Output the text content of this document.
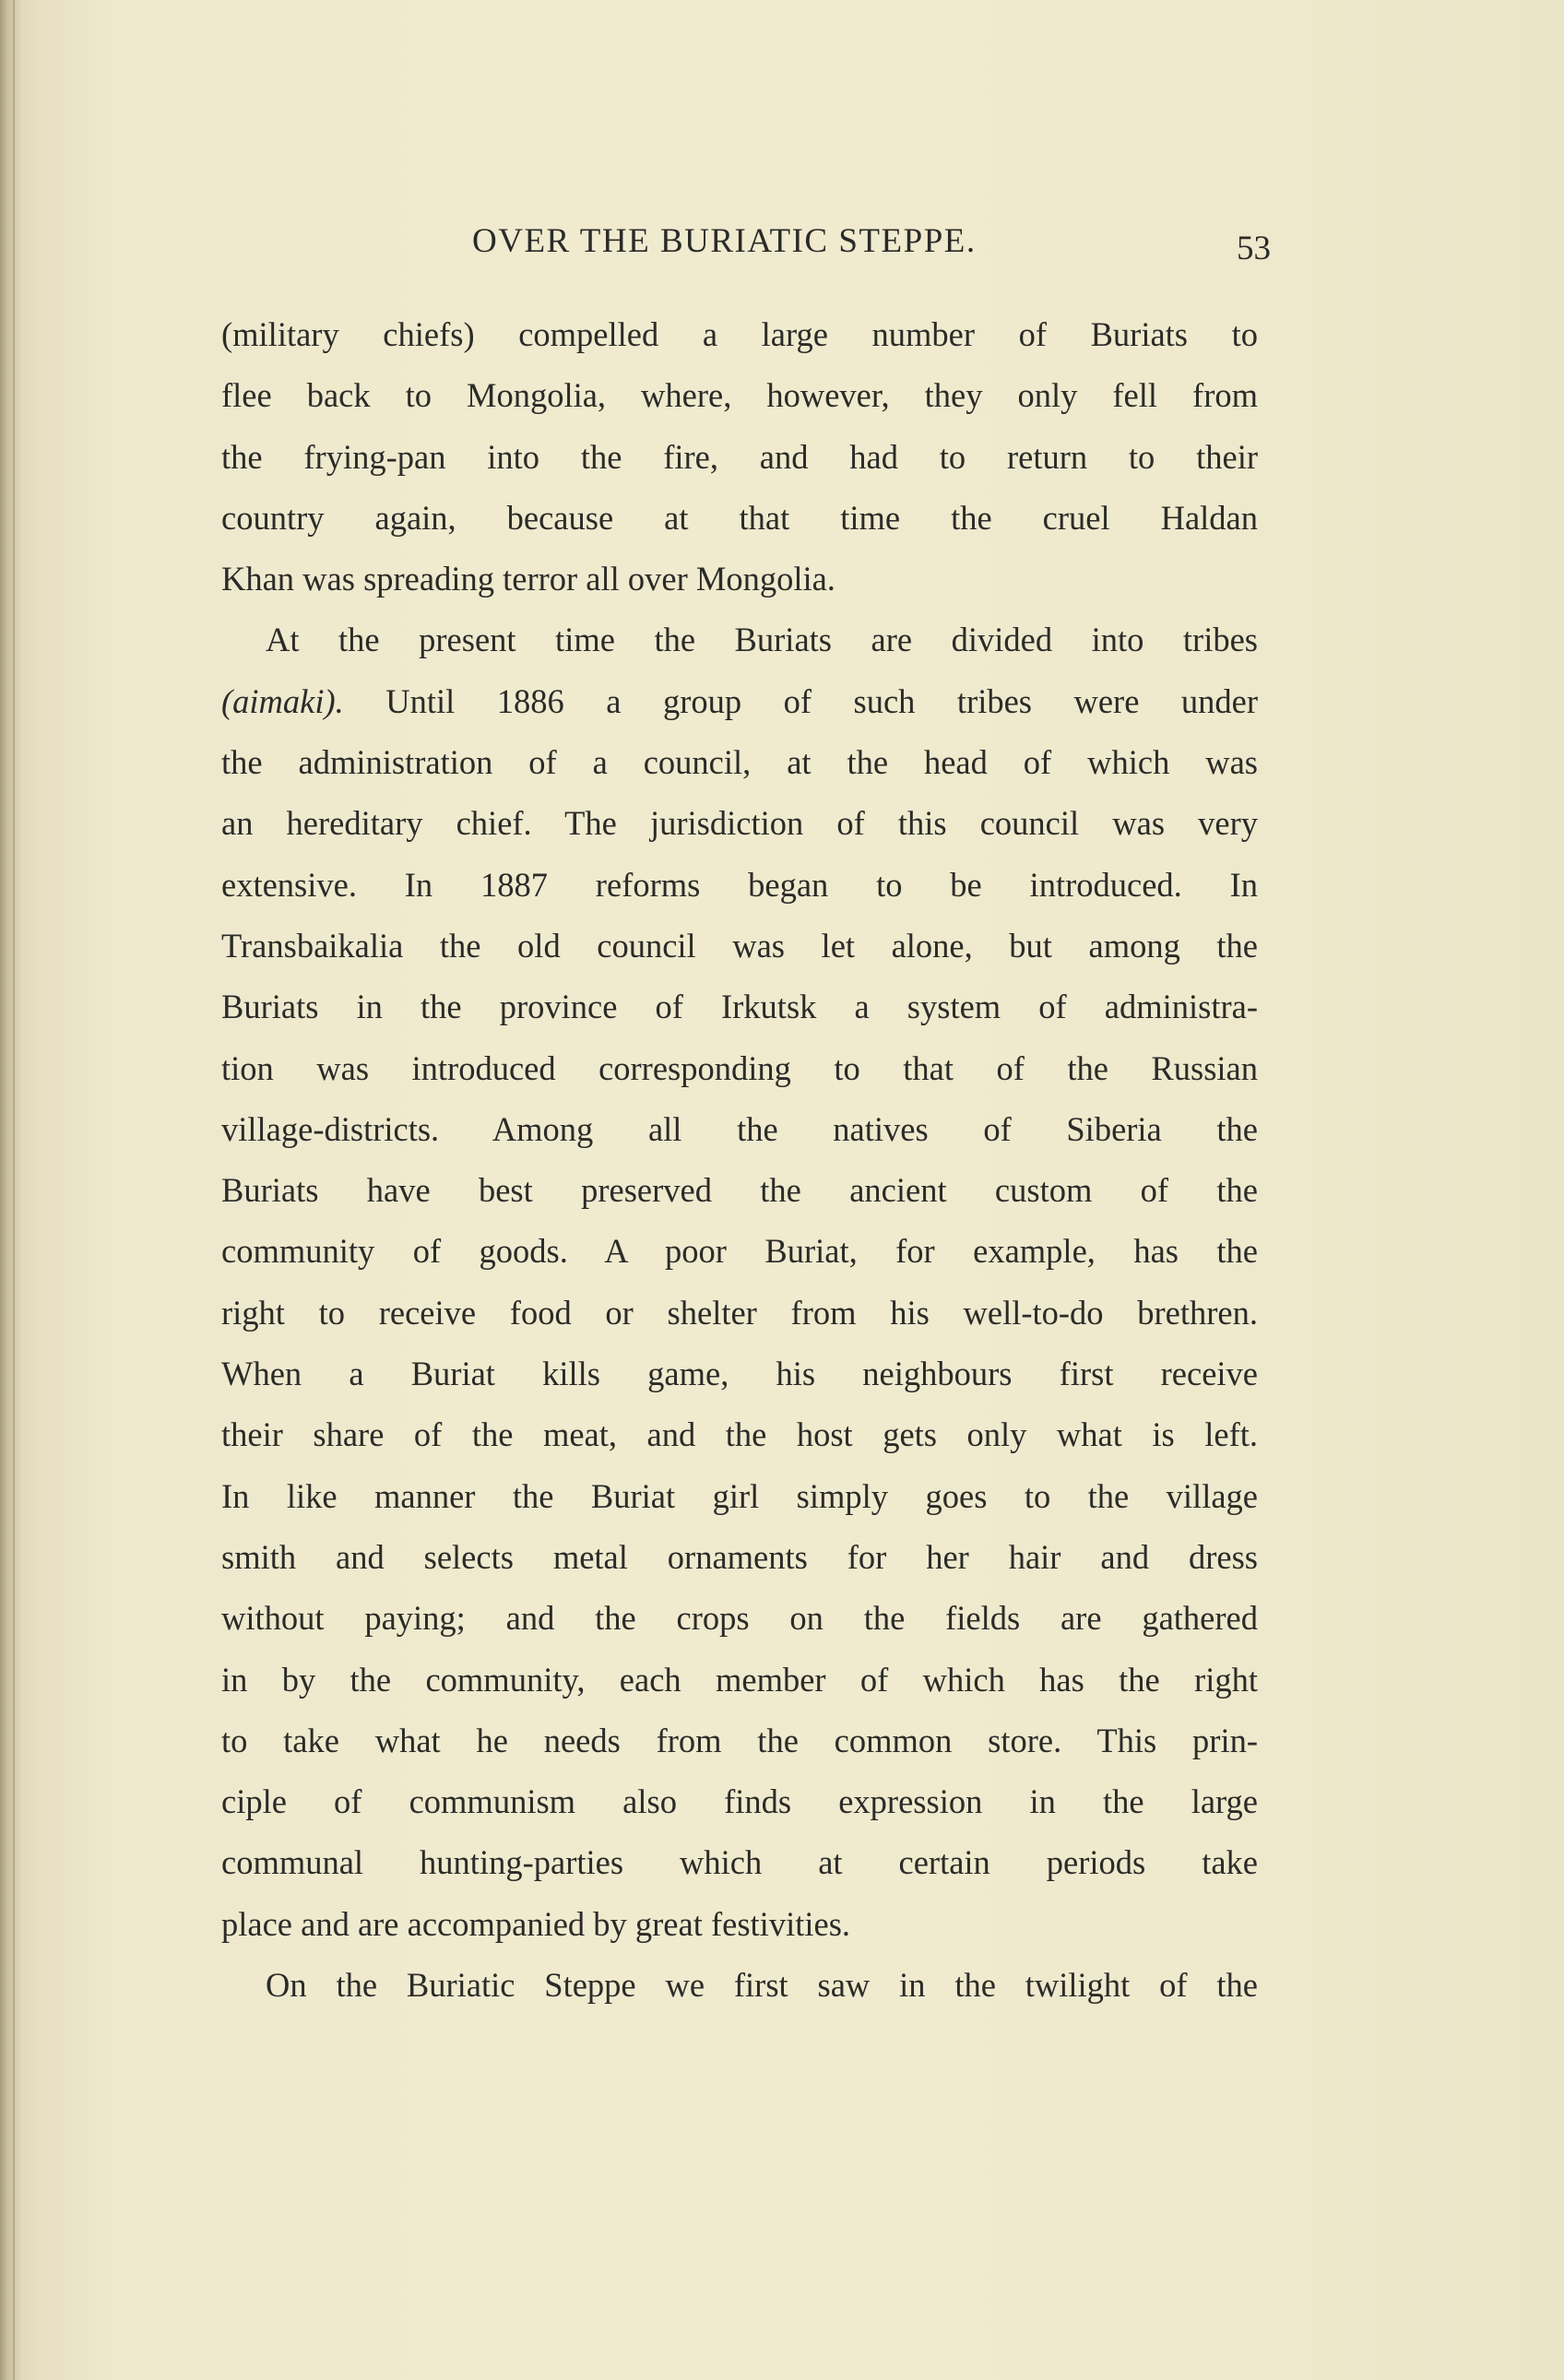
OVER THE BURIATIC STEPPE.	53

(military chiefs) compelled a large number of Buriats to

flee back to Mongolia, where, however, they only fell from

the frying-pan into the fire, and had to return to their

country again, because at that time the cruel Haldan

Khan was spreading terror all over Mongolia.

At the present time the Buriats are divided into tribes

(aimaki). Until 1886 a group of such tribes were under

the administration of a council, at the head of which was

an hereditary chief. The jurisdiction of this council was very

extensive. In 1887 reforms began to be introduced. In

Transbaikalia the old council was let alone, but among the

Buriats in the province of Irkutsk a system of administra-

tion was introduced corresponding to that of the Russian

village-districts. Among all the natives of Siberia the

Buriats have best preserved the ancient custom of the

community of goods. A poor Buriat, for example, has the

right to receive food or shelter from his well-to-do brethren.

When a Buriat kills game, his neighbours first receive

their share of the meat, and the host gets only what is left.

In like manner the Buriat girl simply goes to the village

smith and selects metal ornaments for her hair and dress

without paying; and the crops on the fields are gathered

in by the community, each member of which has the right

to take what he needs from the common store. This prin-

ciple of communism also finds expression in the large

communal hunting-parties which at certain periods take

place and are accompanied by great festivities.

On the Buriatic Steppe we first saw in the twilight of the
